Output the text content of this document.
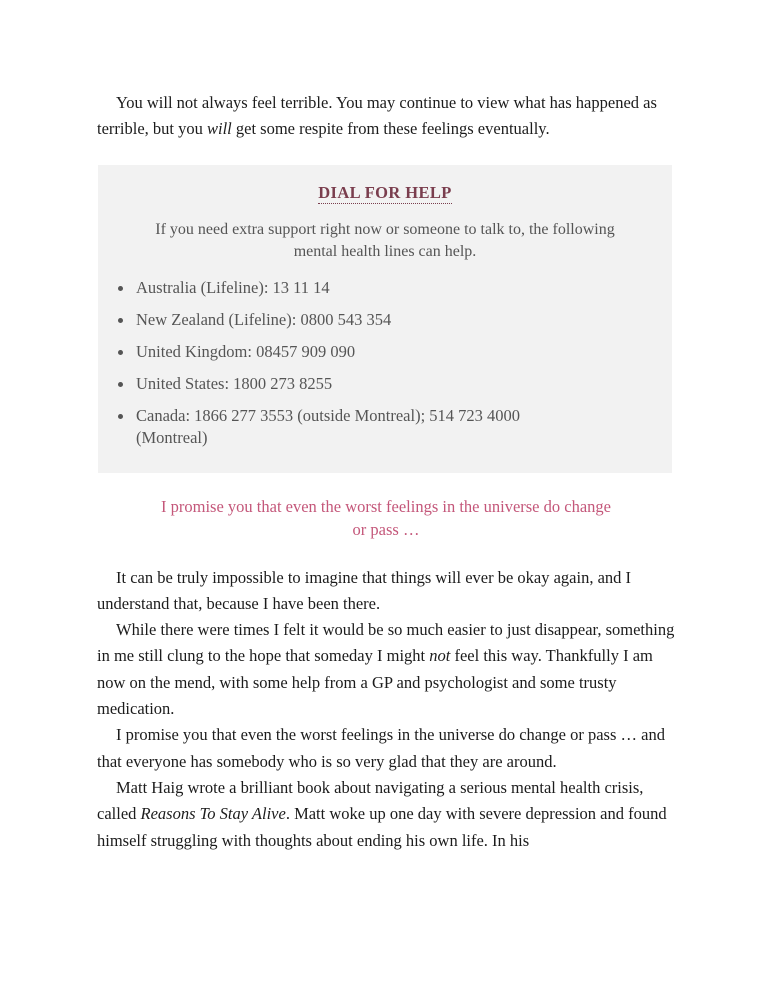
You will not always feel terrible. You may continue to view what has happened as terrible, but you will get some respite from these feelings eventually.

DIAL FOR HELP

If you need extra support right now or someone to talk to, the following mental health lines can help.

Australia (Lifeline): 13 11 14
New Zealand (Lifeline): 0800 543 354
United Kingdom: 08457 909 090
United States: 1800 273 8255
Canada: 1866 277 3553 (outside Montreal); 514 723 4000 (Montreal)

I promise you that even the worst feelings in the universe do change or pass …

It can be truly impossible to imagine that things will ever be okay again, and I understand that, because I have been there.

While there were times I felt it would be so much easier to just disappear, something in me still clung to the hope that someday I might not feel this way. Thankfully I am now on the mend, with some help from a GP and psychologist and some trusty medication.

I promise you that even the worst feelings in the universe do change or pass … and that everyone has somebody who is so very glad that they are around.

Matt Haig wrote a brilliant book about navigating a serious mental health crisis, called Reasons To Stay Alive. Matt woke up one day with severe depression and found himself struggling with thoughts about ending his own life. In his
